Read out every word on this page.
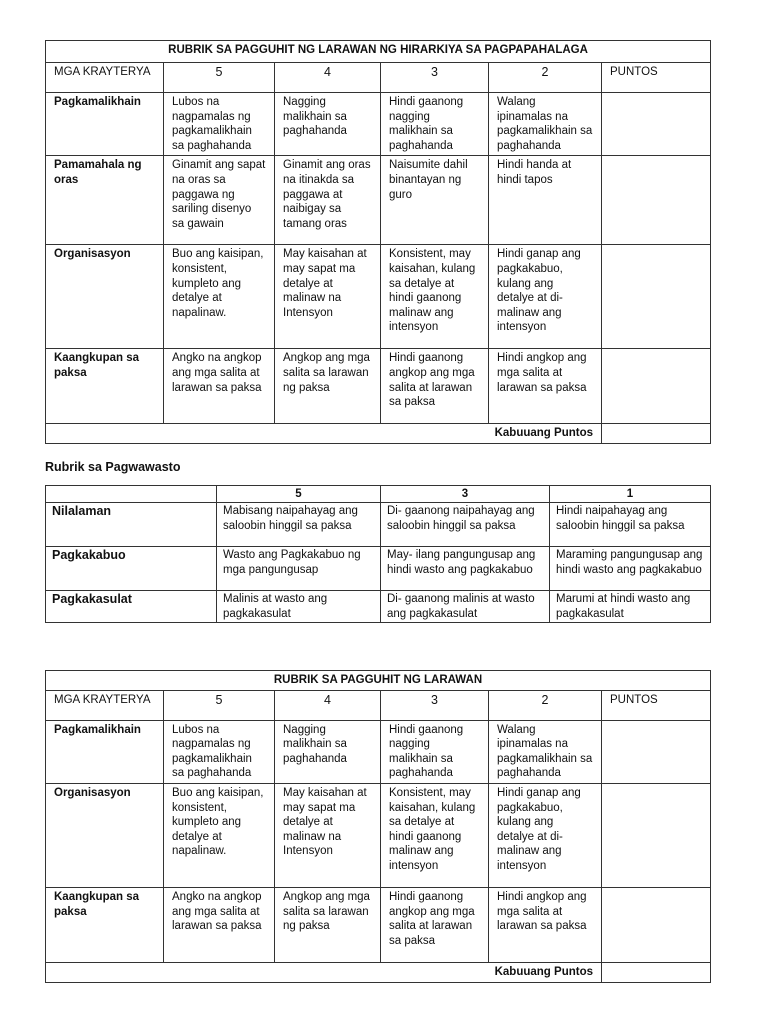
RUBRIK SA PAGGUHIT NG LARAWAN NG HIRARKIYA SA PAGPAPAHALAGA					
MGA KRAYTERYA	5	4	3	2	PUNTOS
Pagkamalikhain	Lubos na nagpamalas ng pagkamalikhain sa paghahanda	Nagging malikhain sa paghahanda	Hindi gaanong nagging malikhain sa paghahanda	Walang ipinamalas na pagkamalikhain sa paghahanda	
Pamamahala ng oras	Ginamit ang sapat na oras sa paggawa ng sariling disenyo sa gawain	Ginamit ang oras na itinakda sa paggawa at naibigay sa tamang oras	Naisumite dahil binantayan ng guro	Hindi handa at hindi tapos	
Organisasyon	Buo ang kaisipan, konsistent, kumpleto ang detalye at napalinaw.	May kaisahan at may sapat ma detalye at malinaw na Intensyon	Konsistent, may kaisahan, kulang sa detalye at hindi gaanong malinaw ang intensyon	Hindi ganap ang pagkakabuo, kulang ang detalye at di-malinaw ang intensyon	
Kaangkupan sa paksa	Angko na angkop ang mga salita at larawan sa paksa	Angkop ang mga salita sa larawan ng paksa	Hindi gaanong angkop ang mga salita at larawan sa paksa	Hindi angkop ang mga salita at larawan sa paksa	
Kabuuang Puntos					
Rubrik sa Pagwawasto
	5	3	1
Nilalaman	Mabisang naipahayag ang saloobin hinggil sa paksa	Di- gaanong naipahayag ang saloobin hinggil sa paksa	Hindi naipahayag ang saloobin hinggil sa paksa
Pagkakabuo	Wasto ang Pagkakabuo ng mga pangungusap	May- ilang pangungusap ang hindi wasto ang pagkakabuo	Maraming pangungusap ang hindi wasto ang pagkakabuo
Pagkakasulat	Malinis at wasto ang pagkakasulat	Di- gaanong malinis at wasto ang pagkakasulat	Marumi at hindi wasto ang pagkakasulat
RUBRIK SA PAGGUHIT NG LARAWAN					
MGA KRAYTERYA	5	4	3	2	PUNTOS
Pagkamalikhain	Lubos na nagpamalas ng pagkamalikhain sa paghahanda	Nagging malikhain sa paghahanda	Hindi gaanong nagging malikhain sa paghahanda	Walang ipinamalas na pagkamalikhain sa paghahanda	
Organisasyon	Buo ang kaisipan, konsistent, kumpleto ang detalye at napalinaw.	May kaisahan at may sapat ma detalye at malinaw na Intensyon	Konsistent, may kaisahan, kulang sa detalye at hindi gaanong malinaw ang intensyon	Hindi ganap ang pagkakabuo, kulang ang detalye at di-malinaw ang intensyon	
Kaangkupan sa paksa	Angko na angkop ang mga salita at larawan sa paksa	Angkop ang mga salita sa larawan ng paksa	Hindi gaanong angkop ang mga salita at larawan sa paksa	Hindi angkop ang mga salita at larawan sa paksa	
Kabuuang Puntos					
